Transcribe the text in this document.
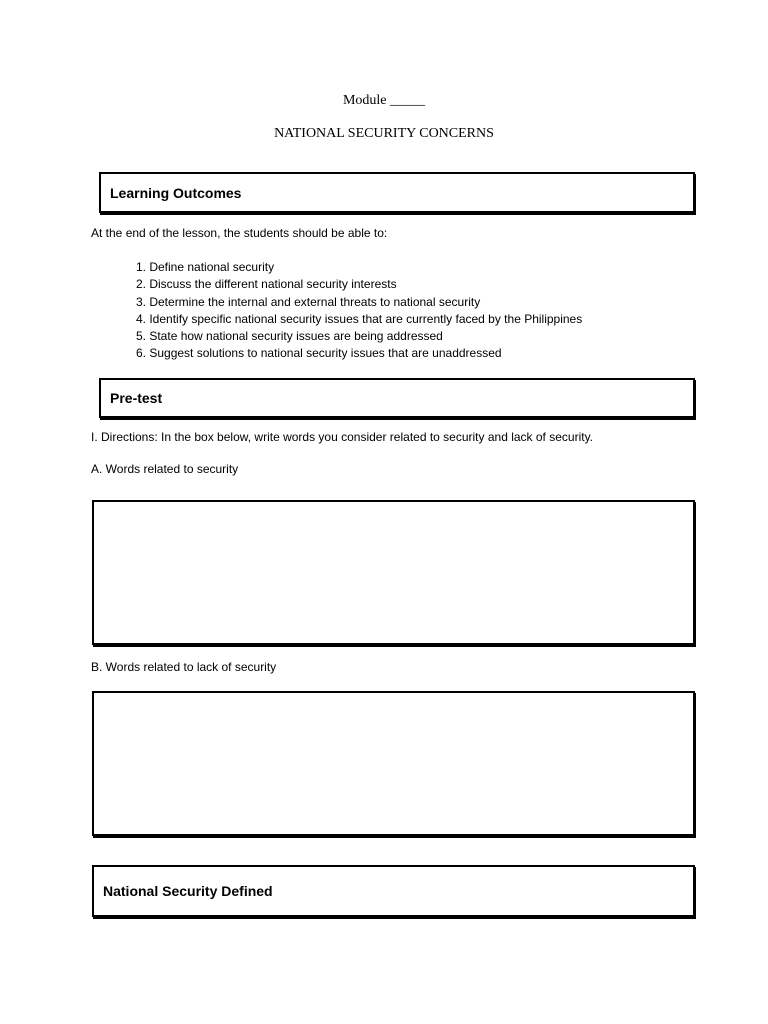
Module _____
NATIONAL SECURITY CONCERNS
Learning Outcomes
At the end of the lesson, the students should be able to:
1. Define national security
2. Discuss the different national security interests
3. Determine the internal and external threats to national security
4. Identify specific national security issues that are currently faced by the Philippines
5. State how national security issues are being addressed
6. Suggest solutions to national security issues that are unaddressed
Pre-test
I. Directions: In the box below, write words you consider related to security and lack of security.
A. Words related to security
B. Words related to lack of security
National Security Defined
